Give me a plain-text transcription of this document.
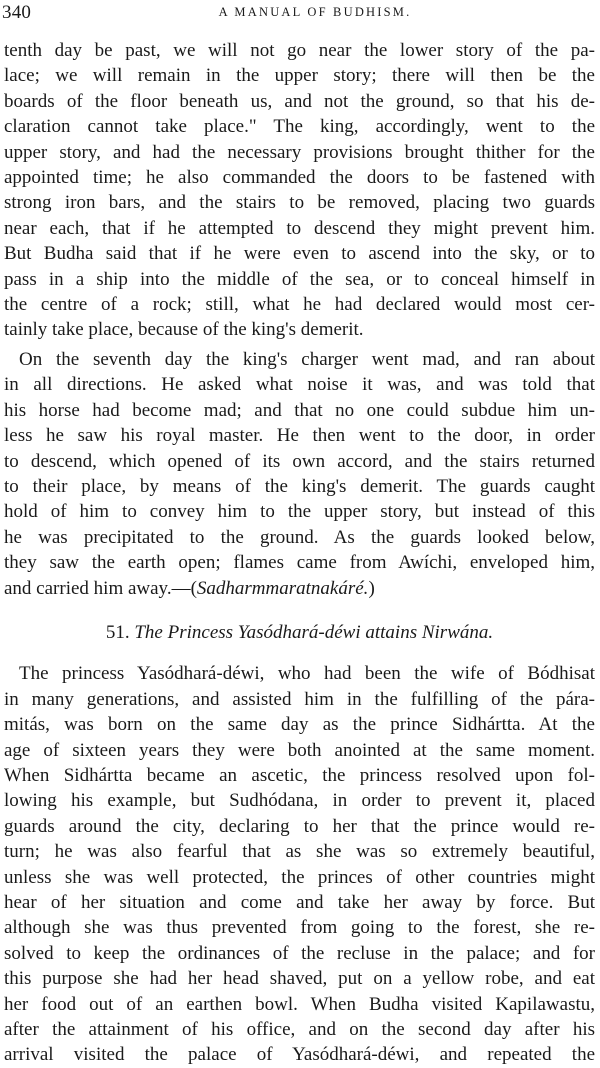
340	A MANUAL OF BUDHISM.
tenth day be past, we will not go near the lower story of the pa-
lace; we will remain in the upper story; there will then be the
boards of the floor beneath us, and not the ground, so that his de-
claration cannot take place." The king, accordingly, went to the
upper story, and had the necessary provisions brought thither for the
appointed time; he also commanded the doors to be fastened with
strong iron bars, and the stairs to be removed, placing two guards
near each, that if he attempted to descend they might prevent him.
But Budha said that if he were even to ascend into the sky, or to
pass in a ship into the middle of the sea, or to conceal himself in
the centre of a rock; still, what he had declared would most cer-
tainly take place, because of the king's demerit.
On the seventh day the king's charger went mad, and ran about
in all directions. He asked what noise it was, and was told that
his horse had become mad; and that no one could subdue him un-
less he saw his royal master. He then went to the door, in order
to descend, which opened of its own accord, and the stairs returned
to their place, by means of the king's demerit. The guards caught
hold of him to convey him to the upper story, but instead of this
he was precipitated to the ground. As the guards looked below,
they saw the earth open; flames came from Awíchi, enveloped him,
and carried him away.—(Sadharmmaratnakáré.)
51. The Princess Yasódhará-déwi attains Nirwána.
The princess Yasódhará-déwi, who had been the wife of Bódhisat
in many generations, and assisted him in the fulfilling of the pára-
mitás, was born on the same day as the prince Sidhártta. At the
age of sixteen years they were both anointed at the same moment.
When Sidhártta became an ascetic, the princess resolved upon fol-
lowing his example, but Sudhódana, in order to prevent it, placed
guards around the city, declaring to her that the prince would re-
turn; he was also fearful that as she was so extremely beautiful,
unless she was well protected, the princes of other countries might
hear of her situation and come and take her away by force. But
although she was thus prevented from going to the forest, she re-
solved to keep the ordinances of the recluse in the palace; and for
this purpose she had her head shaved, put on a yellow robe, and eat
her food out of an earthen bowl. When Budha visited Kapilawastu,
after the attainment of his office, and on the second day after his
arrival visited the palace of Yasódhará-déwi, and repeated the
